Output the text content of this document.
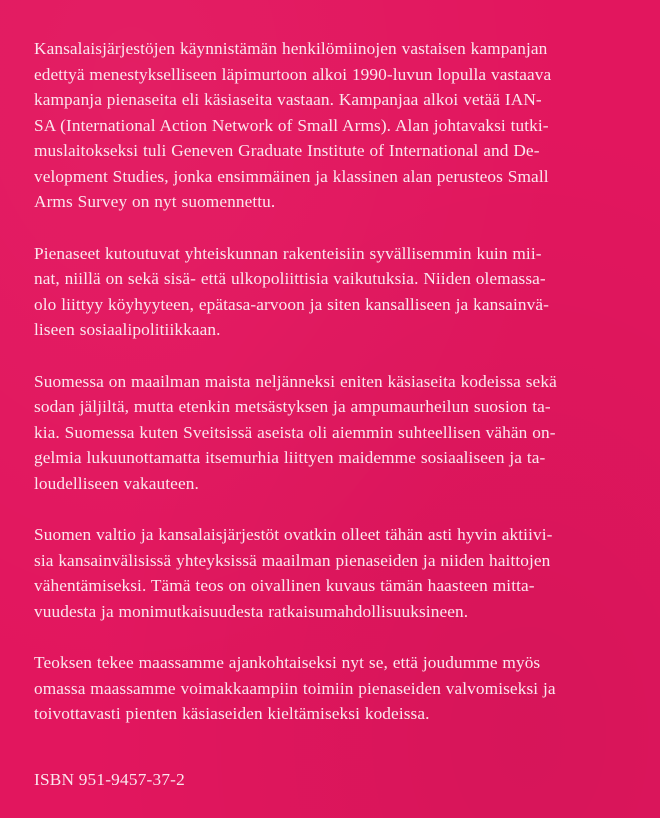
Kansalaisjärjestöjen käynnistämän henkilömiinojen vastaisen kampanjan
edettyä menestykselliseen läpimurtoon alkoi 1990-luvun lopulla vastaava
kampanja pienaseita eli käsiaseita vastaan. Kampanjaa alkoi vetää IAN-
SA (International Action Network of Small Arms). Alan johtavaksi tutki-
muslaitokseksi tuli Geneven Graduate Institute of International and De-
velopment Studies, jonka ensimmäinen ja klassinen alan perusteos Small
Arms Survey on nyt suomennettu.

Pienaseet kutoutuvat yhteiskunnan rakenteisiin syvällisemmin kuin mii-
nat, niillä on sekä sisä- että ulkopoliittisia vaikutuksia. Niiden olemassa-
olo liittyy köyhyyteen, epätasa-arvoon ja siten kansalliseen ja kansainvä-
liseen sosiaalipolitiikkaan.

Suomessa on maailman maista neljänneksi eniten käsiaseita kodeissa sekä
sodan jäljiltä, mutta etenkin metsästyksen ja ampumaurheilun suosion ta-
kia. Suomessa kuten Sveitsissä aseista oli aiemmin suhteellisen vähän on-
gelmia lukuunottamatta itsemurhia liittyen maidemme sosiaaliseen ja ta-
loudelliseen vakauteen.

Suomen valtio ja kansalaisjärjestöt ovatkin olleet tähän asti hyvin aktiivi-
sia kansainvälisissä yhteyksissä maailman pienaseiden ja niiden haittojen
vähentämiseksi. Tämä teos on oivallinen kuvaus tämän haasteen mitta-
vuudesta ja monimutkaisuudesta ratkaisumahdollisuuksineen.

Teoksen tekee maassamme ajankohtaiseksi nyt se, että joudumme myös
omassa maassamme voimakkaampiin toimiin pienaseiden valvomiseksi ja
toivottavasti pienten käsiaseiden kieltämiseksi kodeissa.

ISBN 951-9457-37-2
